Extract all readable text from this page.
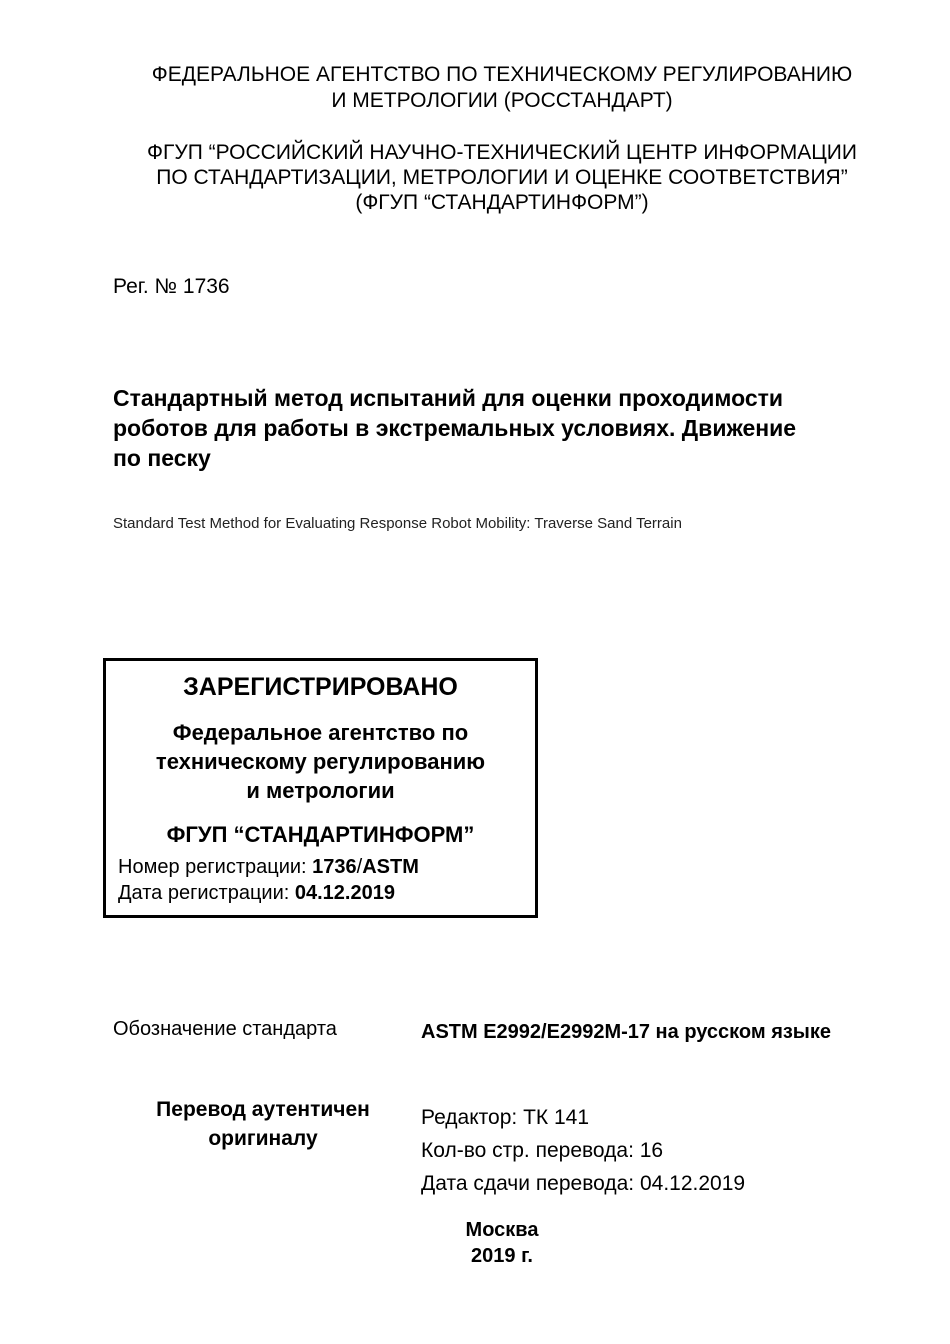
ФЕДЕРАЛЬНОЕ АГЕНТСТВО ПО ТЕХНИЧЕСКОМУ РЕГУЛИРОВАНИЮ
И МЕТРОЛОГИИ (РОССТАНДАРТ)
ФГУП “РОССИЙСКИЙ НАУЧНО-ТЕХНИЧЕСКИЙ ЦЕНТР ИНФОРМАЦИИ
ПО СТАНДАРТИЗАЦИИ, МЕТРОЛОГИИ И ОЦЕНКЕ СООТВЕТСТВИЯ”
(ФГУП “СТАНДАРТИНФОРМ”)
Рег. № 1736
Стандартный метод испытаний для оценки проходимости
роботов для работы в экстремальных условиях. Движение
по песку
Standard Test Method for Evaluating Response Robot Mobility: Traverse Sand Terrain
ЗАРЕГИСТРИРОВАНО
Федеральное агентство по
техническому регулированию
и метрологии
ФГУП “СТАНДАРТИНФОРМ”
Номер регистрации: 1736/ASTM
Дата регистрации: 04.12.2019
Обозначение стандарта	ASTM E2992/E2992M-17 на русском языке
Перевод аутентичен
оригиналу
Редактор: ТК 141
Кол-во стр. перевода: 16
Дата сдачи перевода: 04.12.2019
Москва
2019 г.
